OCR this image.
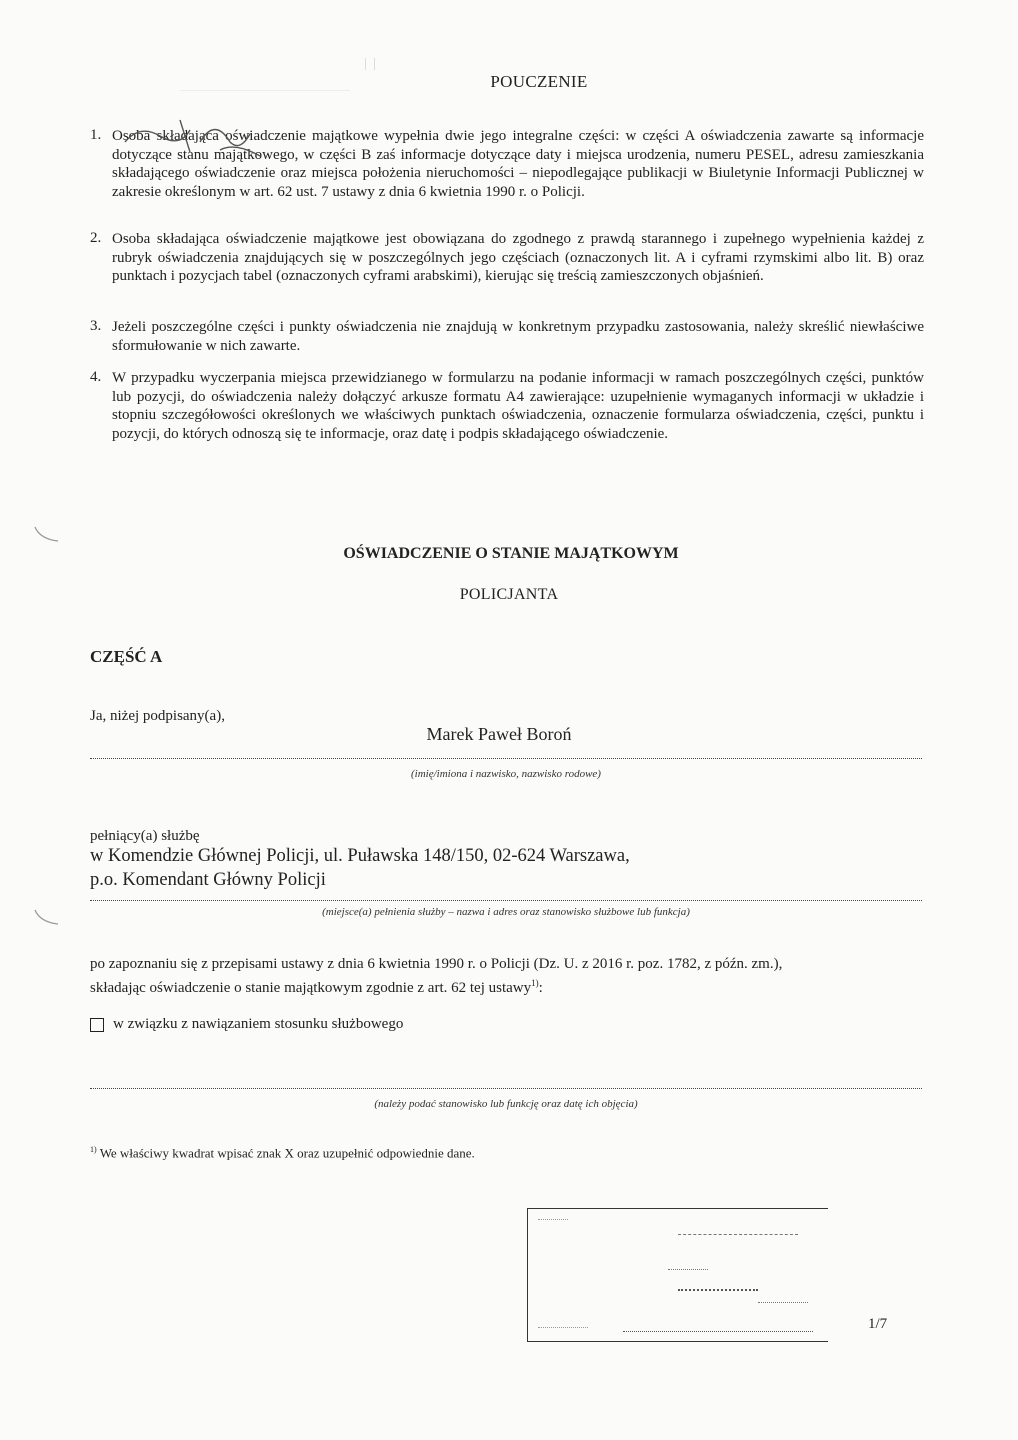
POUCZENIE
1. Osoba składająca oświadczenie majątkowe wypełnia dwie jego integralne części: w części A oświadczenia zawarte są informacje dotyczące stanu majątkowego, w części B zaś informacje dotyczące daty i miejsca urodzenia, numeru PESEL, adresu zamieszkania składającego oświadczenie oraz miejsca położenia nieruchomości – niepodlegające publikacji w Biuletynie Informacji Publicznej w zakresie określonym w art. 62 ust. 7 ustawy z dnia 6 kwietnia 1990 r. o Policji.
2. Osoba składająca oświadczenie majątkowe jest obowiązana do zgodnego z prawdą starannego i zupełnego wypełnienia każdej z rubryk oświadczenia znajdujących się w poszczególnych jego częściach (oznaczonych lit. A i cyframi rzymskimi albo lit. B) oraz punktach i pozycjach tabel (oznaczonych cyframi arabskimi), kierując się treścią zamieszczonych objaśnień.
3. Jeżeli poszczególne części i punkty oświadczenia nie znajdują w konkretnym przypadku zastosowania, należy skreślić niewłaściwe sformułowanie w nich zawarte.
4. W przypadku wyczerpania miejsca przewidzianego w formularzu na podanie informacji w ramach poszczególnych części, punktów lub pozycji, do oświadczenia należy dołączyć arkusze formatu A4 zawierające: uzupełnienie wymaganych informacji w układzie i stopniu szczegółowości określonych we właściwych punktach oświadczenia, oznaczenie formularza oświadczenia, części, punktu i pozycji, do których odnoszą się te informacje, oraz datę i podpis składającego oświadczenie.
OŚWIADCZENIE O STANIE MAJĄTKOWYM
POLICJANTA
CZĘŚĆ A
Ja, niżej podpisany(a),
Marek Paweł Boroń
(imię/imiona i nazwisko, nazwisko rodowe)
pełniący(a) służbę
w Komendzie Głównej Policji, ul. Puławska 148/150, 02-624 Warszawa,
p.o. Komendant Główny Policji
(miejsce(a) pełnienia służby – nazwa i adres oraz stanowisko służbowe lub funkcja)
po zapoznaniu się z przepisami ustawy z dnia 6 kwietnia 1990 r. o Policji (Dz. U. z 2016 r. poz. 1782, z późn. zm.),
składając oświadczenie o stanie majątkowym zgodnie z art. 62 tej ustawy$^{1)}$:
w związku z nawiązaniem stosunku służbowego
(należy podać stanowisko lub funkcję oraz datę ich objęcia)
$^{1)}$ We właściwy kwadrat wpisać znak X oraz uzupełnić odpowiednie dane.
1/7
